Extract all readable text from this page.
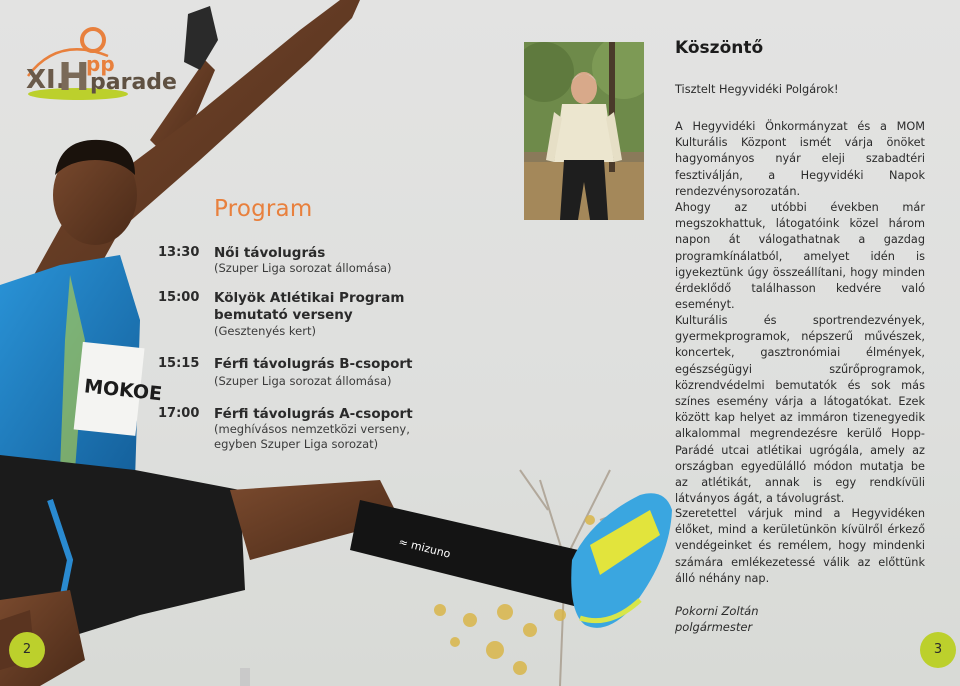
MOKOE
≈ mizuno
XI.
H
pp
parade
Program
13:30 Női távolugrás
(Szuper Liga sorozat állomása)
15:00 Kölyök Atlétikai Program bemutató verseny
(Gesztenyés kert)
15:15 Férfi távolugrás B-csoport
(Szuper Liga sorozat állomása)
17:00 Férfi távolugrás A-csoport
(meghívásos nemzetközi verseny, egyben Szuper Liga sorozat)
Köszöntő

Tisztelt Hegyvidéki Polgárok!

A Hegyvidéki Önkormányzat és a MOM Kulturális Központ ismét várja önöket hagyományos nyár eleji szabadtéri fesztiválján, a Hegyvidéki Napok rendezvénysorozatán.

Ahogy az utóbbi években már megszokhattuk, látogatóink közel három napon át válogathatnak a gazdag programkínálatból, amelyet idén is igyekeztünk úgy összeállítani, hogy minden érdeklődő találhasson kedvére való eseményt.

Kulturális és sportrendezvények, gyermekprogramok, népszerű művészek, koncertek, gasztronómiai élmények, egészségügyi szűrőprogramok, közrendvédelmi bemutatók és sok más színes esemény várja a látogatókat. Ezek között kap helyet az immáron tizenegyedik alkalommal megrendezésre kerülő Hopp-Parádé utcai atlétikai ugrógála, amely az országban egyedülálló módon mutatja be az atlétikát, annak is egy rendkívüli látványos ágát, a távolugrást.

Szeretettel várjuk mind a Hegyvidéken élőket, mind a kerületünkön kívülről érkező vendégeinket és remélem, hogy mindenki számára emlékezetessé válik az előttünk álló néhány nap.

Pokorni Zoltán

polgármester

2	3
